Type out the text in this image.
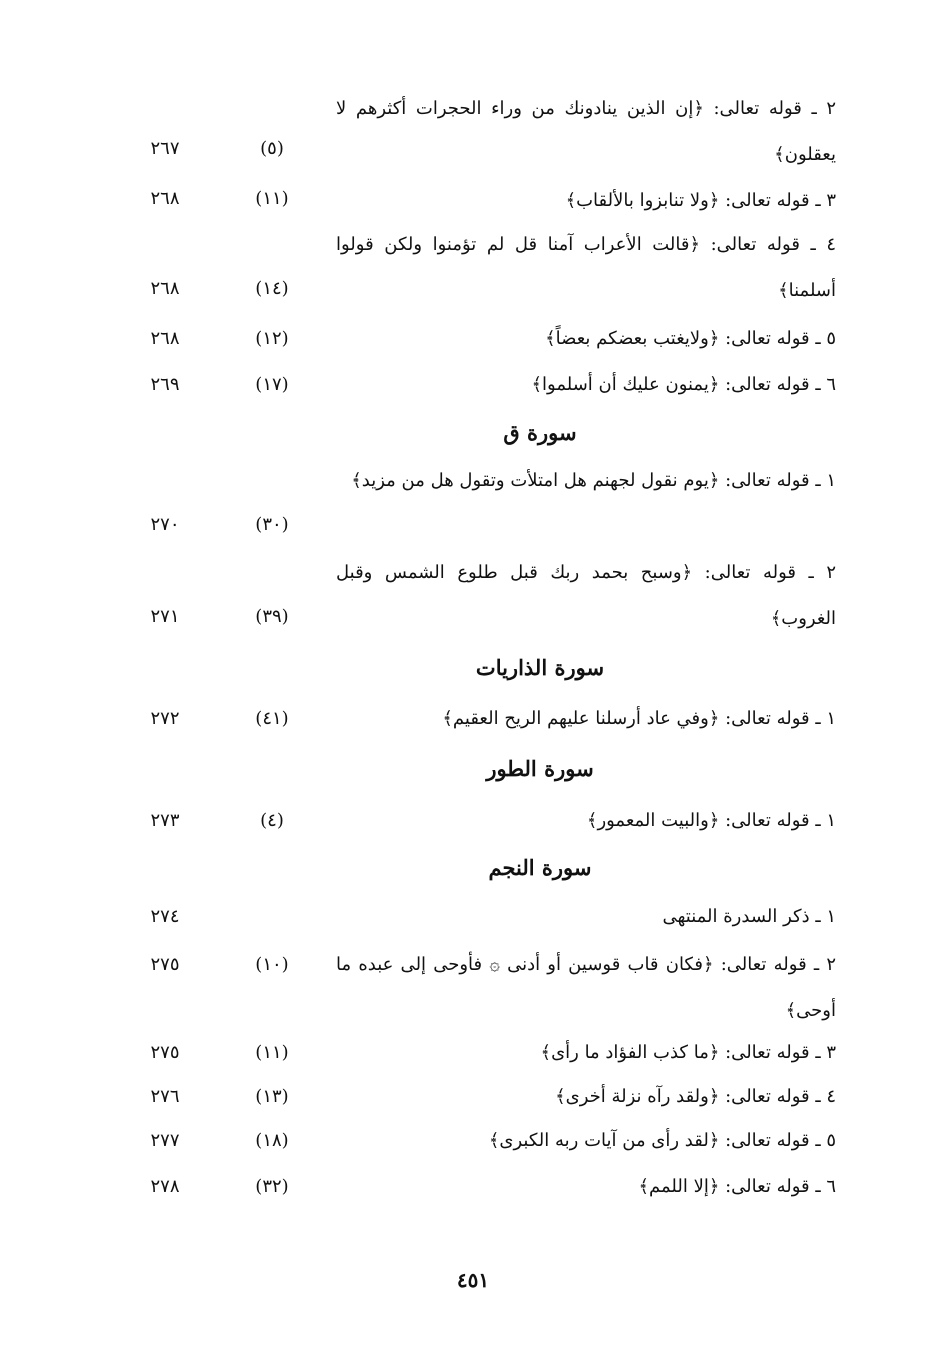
٢ ـ قوله تعالى: ﴿إن الذين ينادونك من وراء الحجرات أكثرهم لا يعقلون﴾
(٥)
٢٦٧
٣ ـ قوله تعالى: ﴿ولا تنابزوا بالألقاب﴾
(١١)
٢٦٨
٤ ـ قوله تعالى: ﴿قالت الأعراب آمنا قل لم تؤمنوا ولكن قولوا أسلمنا﴾
(١٤)
٢٦٨
٥ ـ قوله تعالى: ﴿ولايغتب بعضكم بعضاً﴾
(١٢)
٢٦٨
٦ ـ قوله تعالى: ﴿يمنون عليك أن أسلموا﴾
(١٧)
٢٦٩
سورة ق
١ ـ قوله تعالى: ﴿يوم نقول لجهنم هل امتلأت وتقول هل من مزيد﴾
(٣٠)
٢٧٠
٢ ـ قوله تعالى: ﴿وسبح بحمد ربك قبل طلوع الشمس وقبل الغروب﴾
(٣٩)
٢٧١
سورة الذاريات
١ ـ قوله تعالى: ﴿وفي عاد أرسلنا عليهم الريح العقيم﴾
(٤١)
٢٧٢
سورة الطور
١ ـ قوله تعالى: ﴿والبيت المعمور﴾
(٤)
٢٧٣
سورة النجم
١ ـ ذكر السدرة المنتهى
٢٧٤
٢ ـ قوله تعالى: ﴿فكان قاب قوسين أو أدنى ۞ فأوحى إلى عبده ما أوحى﴾
(١٠)
٢٧٥
٣ ـ قوله تعالى: ﴿ما كذب الفؤاد ما رأى﴾
(١١)
٢٧٥
٤ ـ قوله تعالى: ﴿ولقد رآه نزلة أخرى﴾
(١٣)
٢٧٦
٥ ـ قوله تعالى: ﴿لقد رأى من آيات ربه الكبرى﴾
(١٨)
٢٧٧
٦ ـ قوله تعالى: ﴿إلا اللمم﴾
(٣٢)
٢٧٨
٤٥١
